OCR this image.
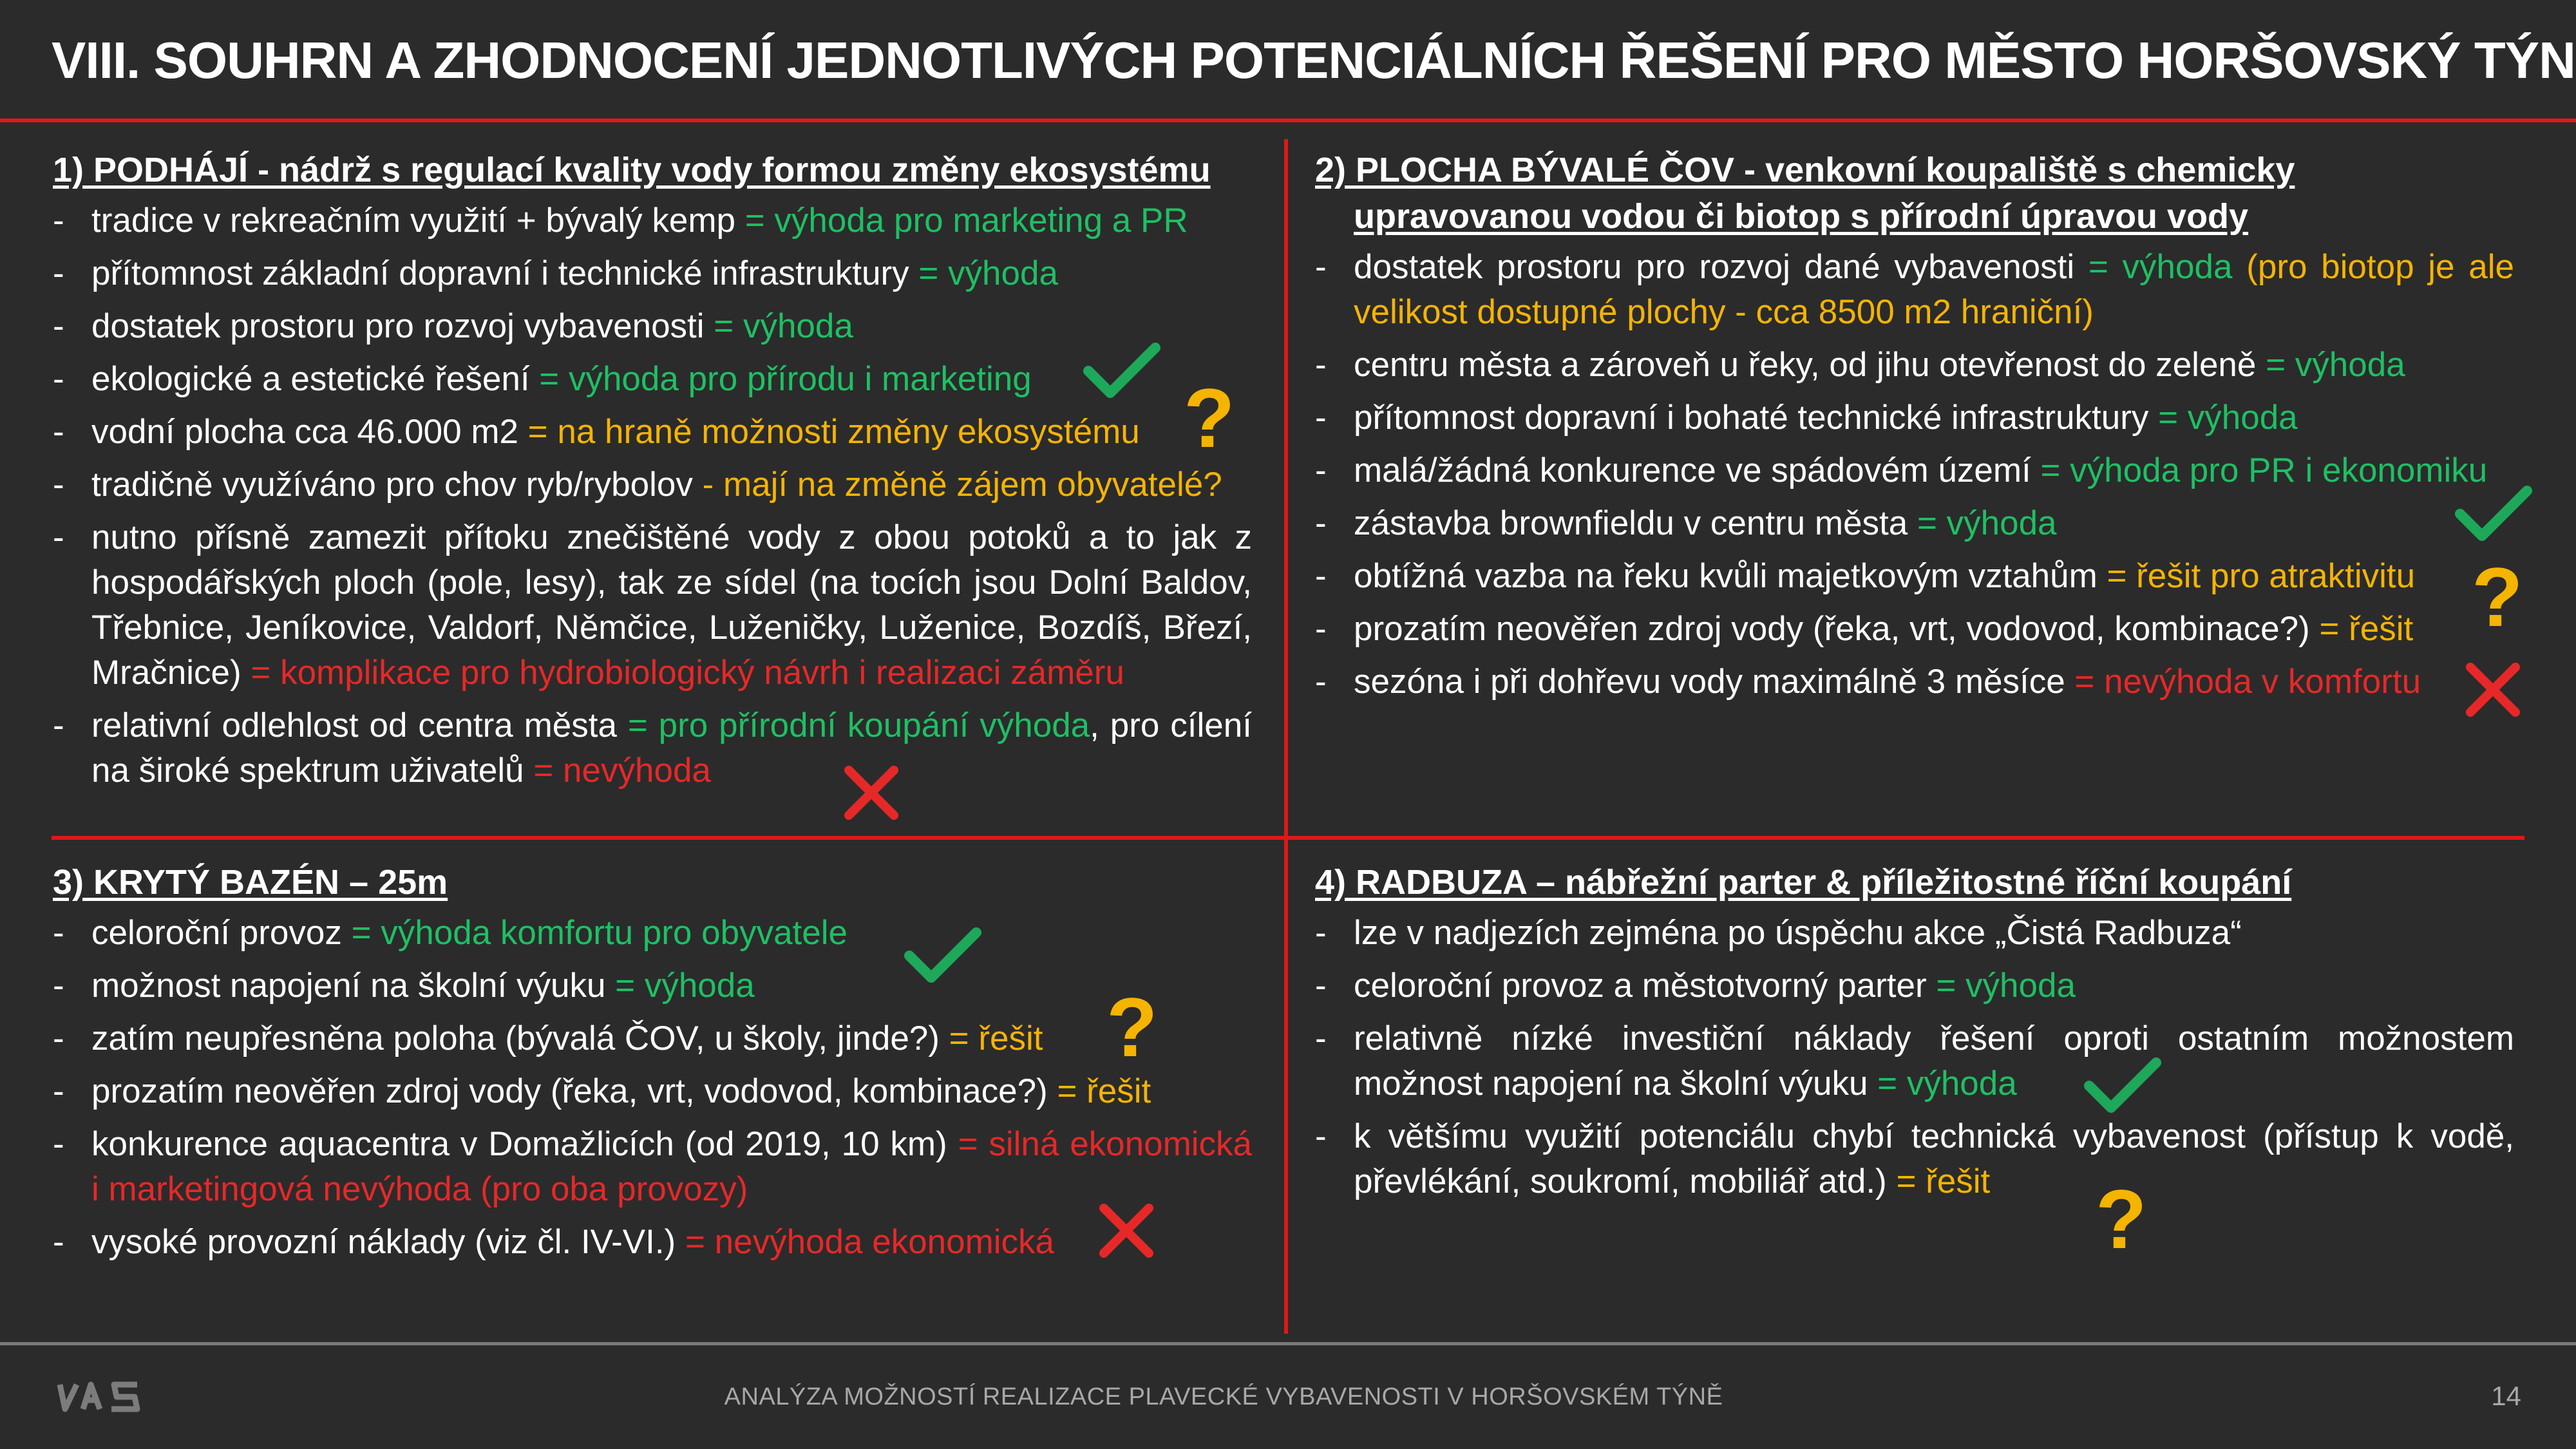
VIII. SOUHRN A ZHODNOCENÍ JEDNOTLIVÝCH POTENCIÁLNÍCH ŘEŠENÍ PRO MĚSTO HORŠOVSKÝ TÝN
1) PODHÁJÍ - nádrž s regulací kvality vody formou změny ekosystému
- tradice v rekreačním využití + bývalý kemp = výhoda pro marketing a PR
- přítomnost základní dopravní i technické infrastruktury = výhoda
- dostatek prostoru pro rozvoj vybavenosti = výhoda
- ekologické a estetické řešení = výhoda pro přírodu i marketing
- vodní plocha cca 46.000 m2 = na hraně možnosti změny ekosystému
- tradičně využíváno pro chov ryb/rybolov - mají na změně zájem obyvatelé?
- nutno přísně zamezit přítoku znečištěné vody z obou potoků a to jak z hospodářských ploch (pole, lesy), tak ze sídel (na tocích jsou Dolní Baldov, Třebnice, Jeníkovice, Valdorf, Němčice, Luženičky, Luženice, Bozdíš, Březí, Mračnice) = komplikace pro hydrobiologický návrh i realizaci záměru
- relativní odlehlost od centra města = pro přírodní koupání výhoda, pro cílení na široké spektrum uživatelů = nevýhoda
2) PLOCHA BÝVALÉ ČOV - venkovní koupaliště s chemicky upravovanou vodou či biotop s přírodní úpravou vody
- dostatek prostoru pro rozvoj dané vybavenosti = výhoda (pro biotop je ale velikost dostupné plochy - cca 8500 m2 hraniční)
- centru města a zároveň u řeky, od jihu otevřenost do zeleně = výhoda
- přítomnost dopravní i bohaté technické infrastruktury = výhoda
- malá/žádná konkurence ve spádovém území = výhoda pro PR i ekonomiku
- zástavba brownfieldu v centru města = výhoda
- obtížná vazba na řeku kvůli majetkovým vztahům = řešit pro atraktivitu
- prozatím neověřen zdroj vody (řeka, vrt, vodovod, kombinace?) = řešit
- sezóna i při dohřevu vody maximálně 3 měsíce = nevýhoda v komfortu
3) KRYTÝ BAZÉN – 25m
- celoroční provoz = výhoda komfortu pro obyvatele
- možnost napojení na školní výuku = výhoda
- zatím neupřesněna poloha (bývalá ČOV, u školy, jinde?) = řešit
- prozatím neověřen zdroj vody (řeka, vrt, vodovod, kombinace?) = řešit
- konkurence aquacentra v Domažlicích (od 2019, 10 km) = silná ekonomická i marketingová nevýhoda (pro oba provozy)
- vysoké provozní náklady (viz čl. IV-VI.) = nevýhoda ekonomická
4) RADBUZA – nábřežní parter & příležitostné říční koupání
- lze v nadjezích zejména po úspěchu akce „Čistá Radbuza“
- celoroční provoz a městotvorný parter = výhoda
- relativně nízké investiční náklady řešení oproti ostatním možnostem možnost napojení na školní výuku = výhoda
- k většímu využití potenciálu chybí technická vybavenost (přístup k vodě, převlékání, soukromí, mobiliář atd.) = řešit
?
?
?
?
ANALÝZA MOŽNOSTÍ REALIZACE PLAVECKÉ VYBAVENOSTI V HORŠOVSKÉM TÝNĚ	14
